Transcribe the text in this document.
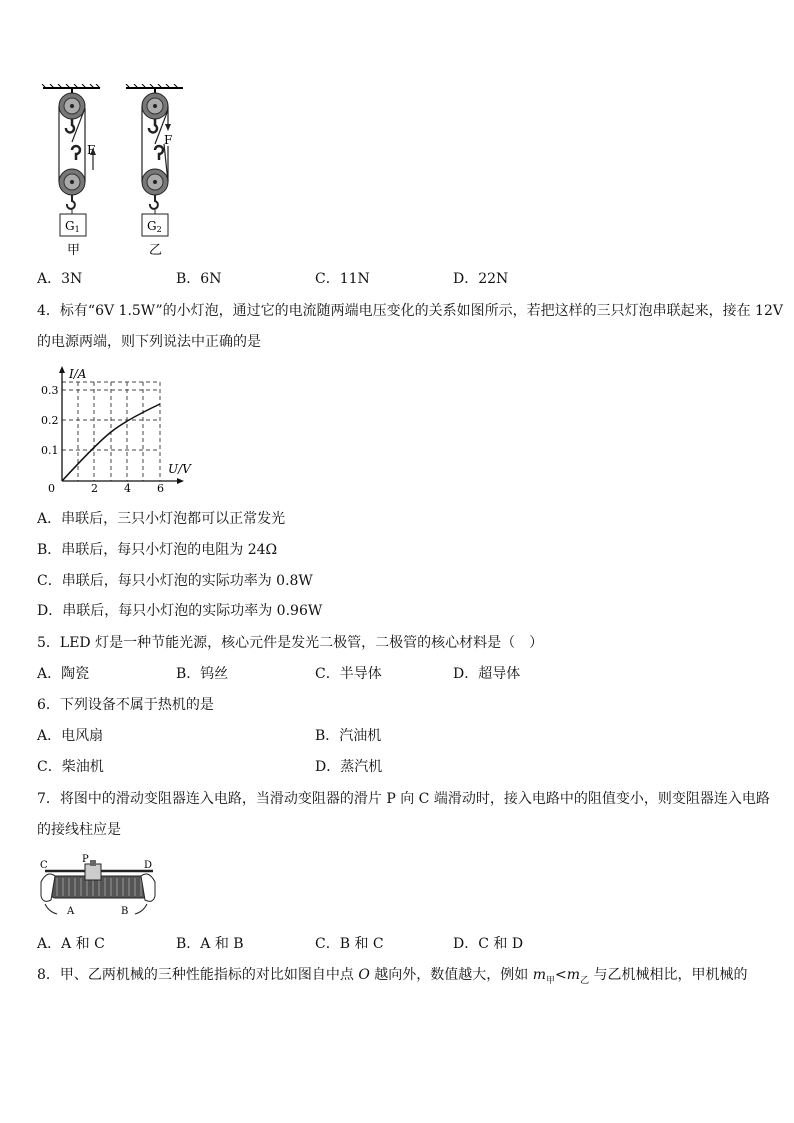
F
G1
甲
F
G2
乙
A．3N	B．6N	C．11N	D．22N
4．标有“6V 1.5W”的小灯泡，通过它的电流随两端电压变化的关系如图所示，若把这样的三只灯泡串联起来，接在 12V
的电源两端，则下列说法中正确的是
I/A
U/V
0.3
0.2
0.1
0	2 4 6
A．串联后，三只小灯泡都可以正常发光
B．串联后，每只小灯泡的电阻为 24Ω
C．串联后，每只小灯泡的实际功率为 0.8W
D．串联后，每只小灯泡的实际功率为 0.96W
5．LED 灯是一种节能光源，核心元件是发光二极管，二极管的核心材料是（　）
A．陶瓷	B．钨丝	C．半导体	D．超导体
6．下列设备不属于热机的是
A．电风扇	B．汽油机
C．柴油机	D．蒸汽机
7．将图中的滑动变阻器连入电路，当滑动变阻器的滑片 P 向 C 端滑动时，接入电路中的阻值变小，则变阻器连入电路
的接线柱应是
C
P
D
A	B
A．A 和 C	B．A 和 B	C．B 和 C	D．C 和 D
8．甲、乙两机械的三种性能指标的对比如图自中点 O 越向外，数值越大，例如 $m_甲<m_乙$ 与乙机械相比，甲机械的
